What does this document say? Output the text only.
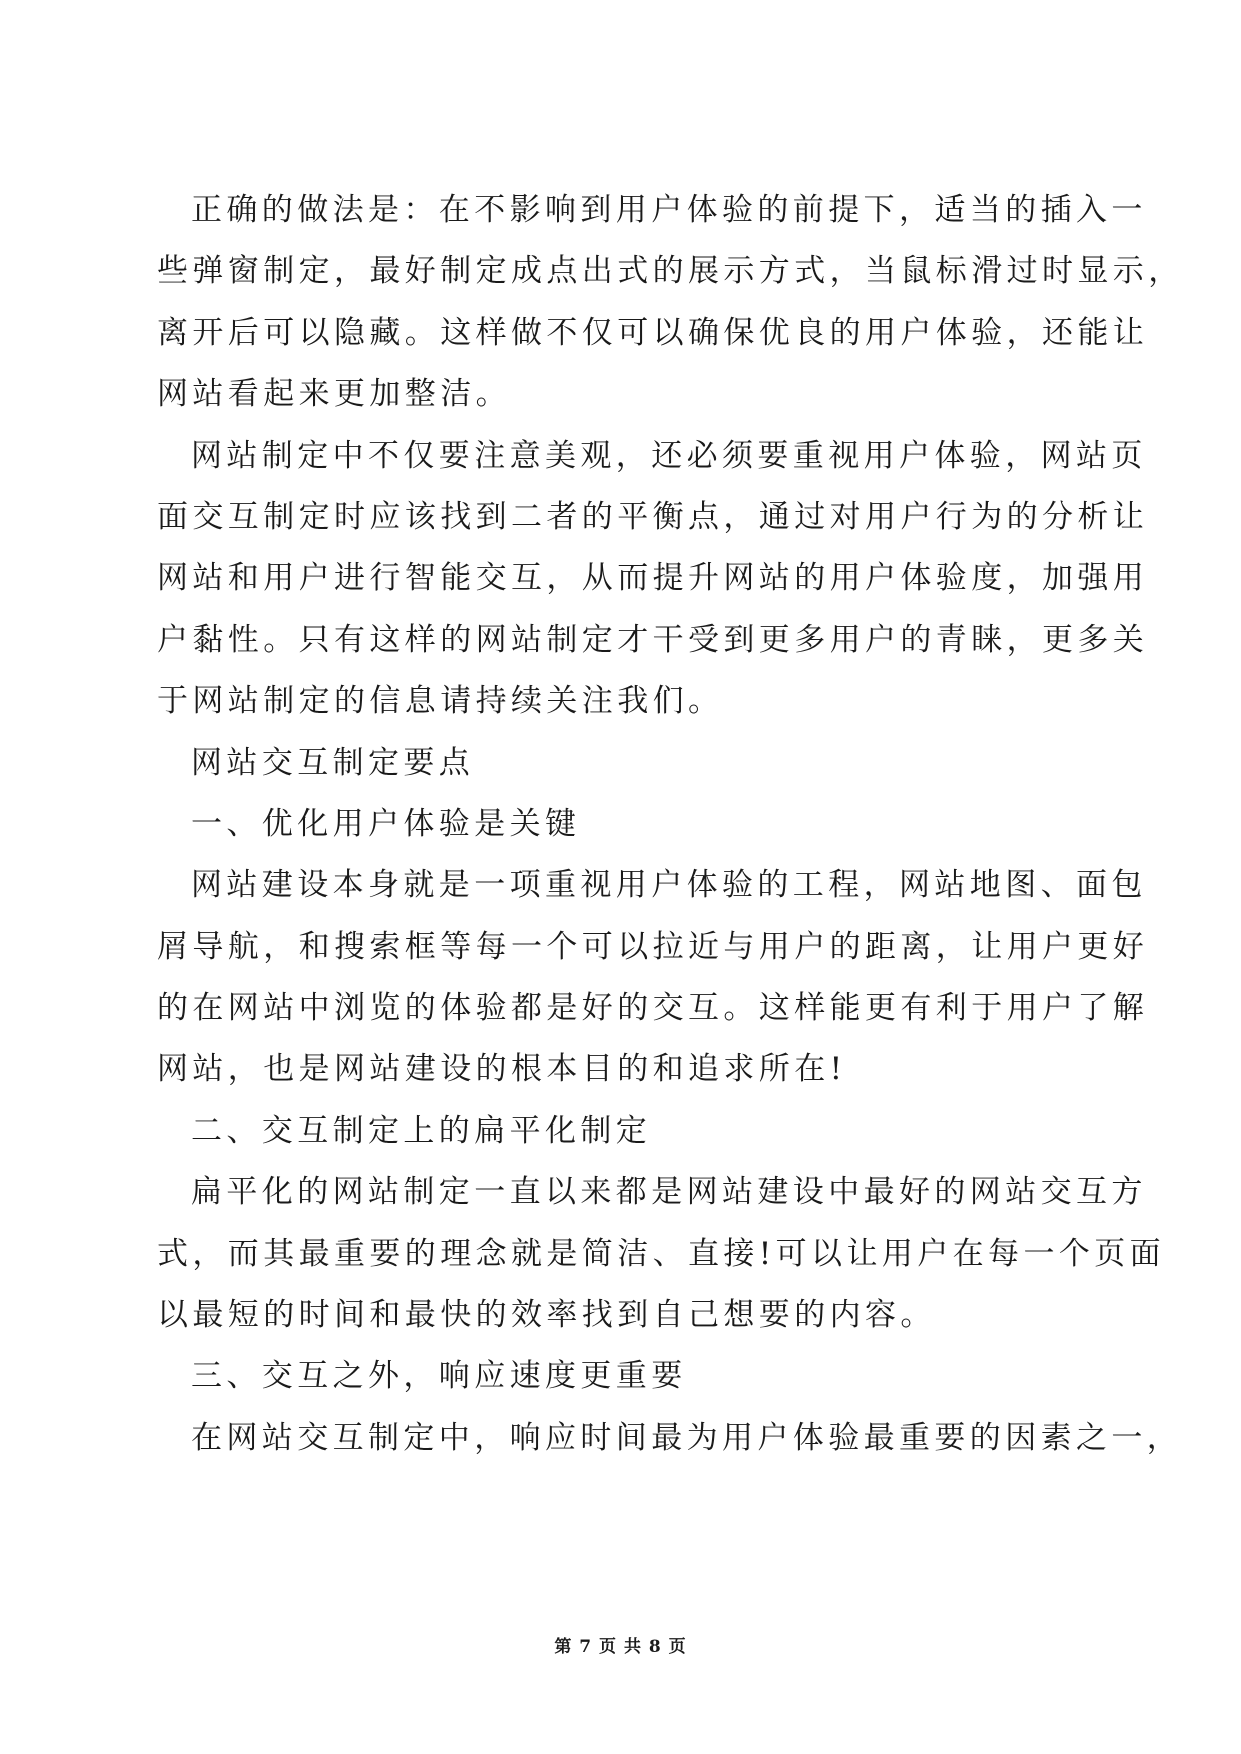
正确的做法是：在不影响到用户体验的前提下，适当的插入一
些弹窗制定，最好制定成点出式的展示方式，当鼠标滑过时显示，
离开后可以隐藏。这样做不仅可以确保优良的用户体验，还能让
网站看起来更加整洁。
网站制定中不仅要注意美观，还必须要重视用户体验，网站页
面交互制定时应该找到二者的平衡点，通过对用户行为的分析让
网站和用户进行智能交互，从而提升网站的用户体验度，加强用
户黏性。只有这样的网站制定才干受到更多用户的青睐，更多关
于网站制定的信息请持续关注我们。
网站交互制定要点
一、优化用户体验是关键
网站建设本身就是一项重视用户体验的工程，网站地图、面包
屑导航，和搜索框等每一个可以拉近与用户的距离，让用户更好
的在网站中浏览的体验都是好的交互。这样能更有利于用户了解
网站，也是网站建设的根本目的和追求所在!
二、交互制定上的扁平化制定
扁平化的网站制定一直以来都是网站建设中最好的网站交互方
式，而其最重要的理念就是简洁、直接!可以让用户在每一个页面
以最短的时间和最快的效率找到自己想要的内容。
三、交互之外，响应速度更重要
在网站交互制定中，响应时间最为用户体验最重要的因素之一，
第 7 页 共 8 页
